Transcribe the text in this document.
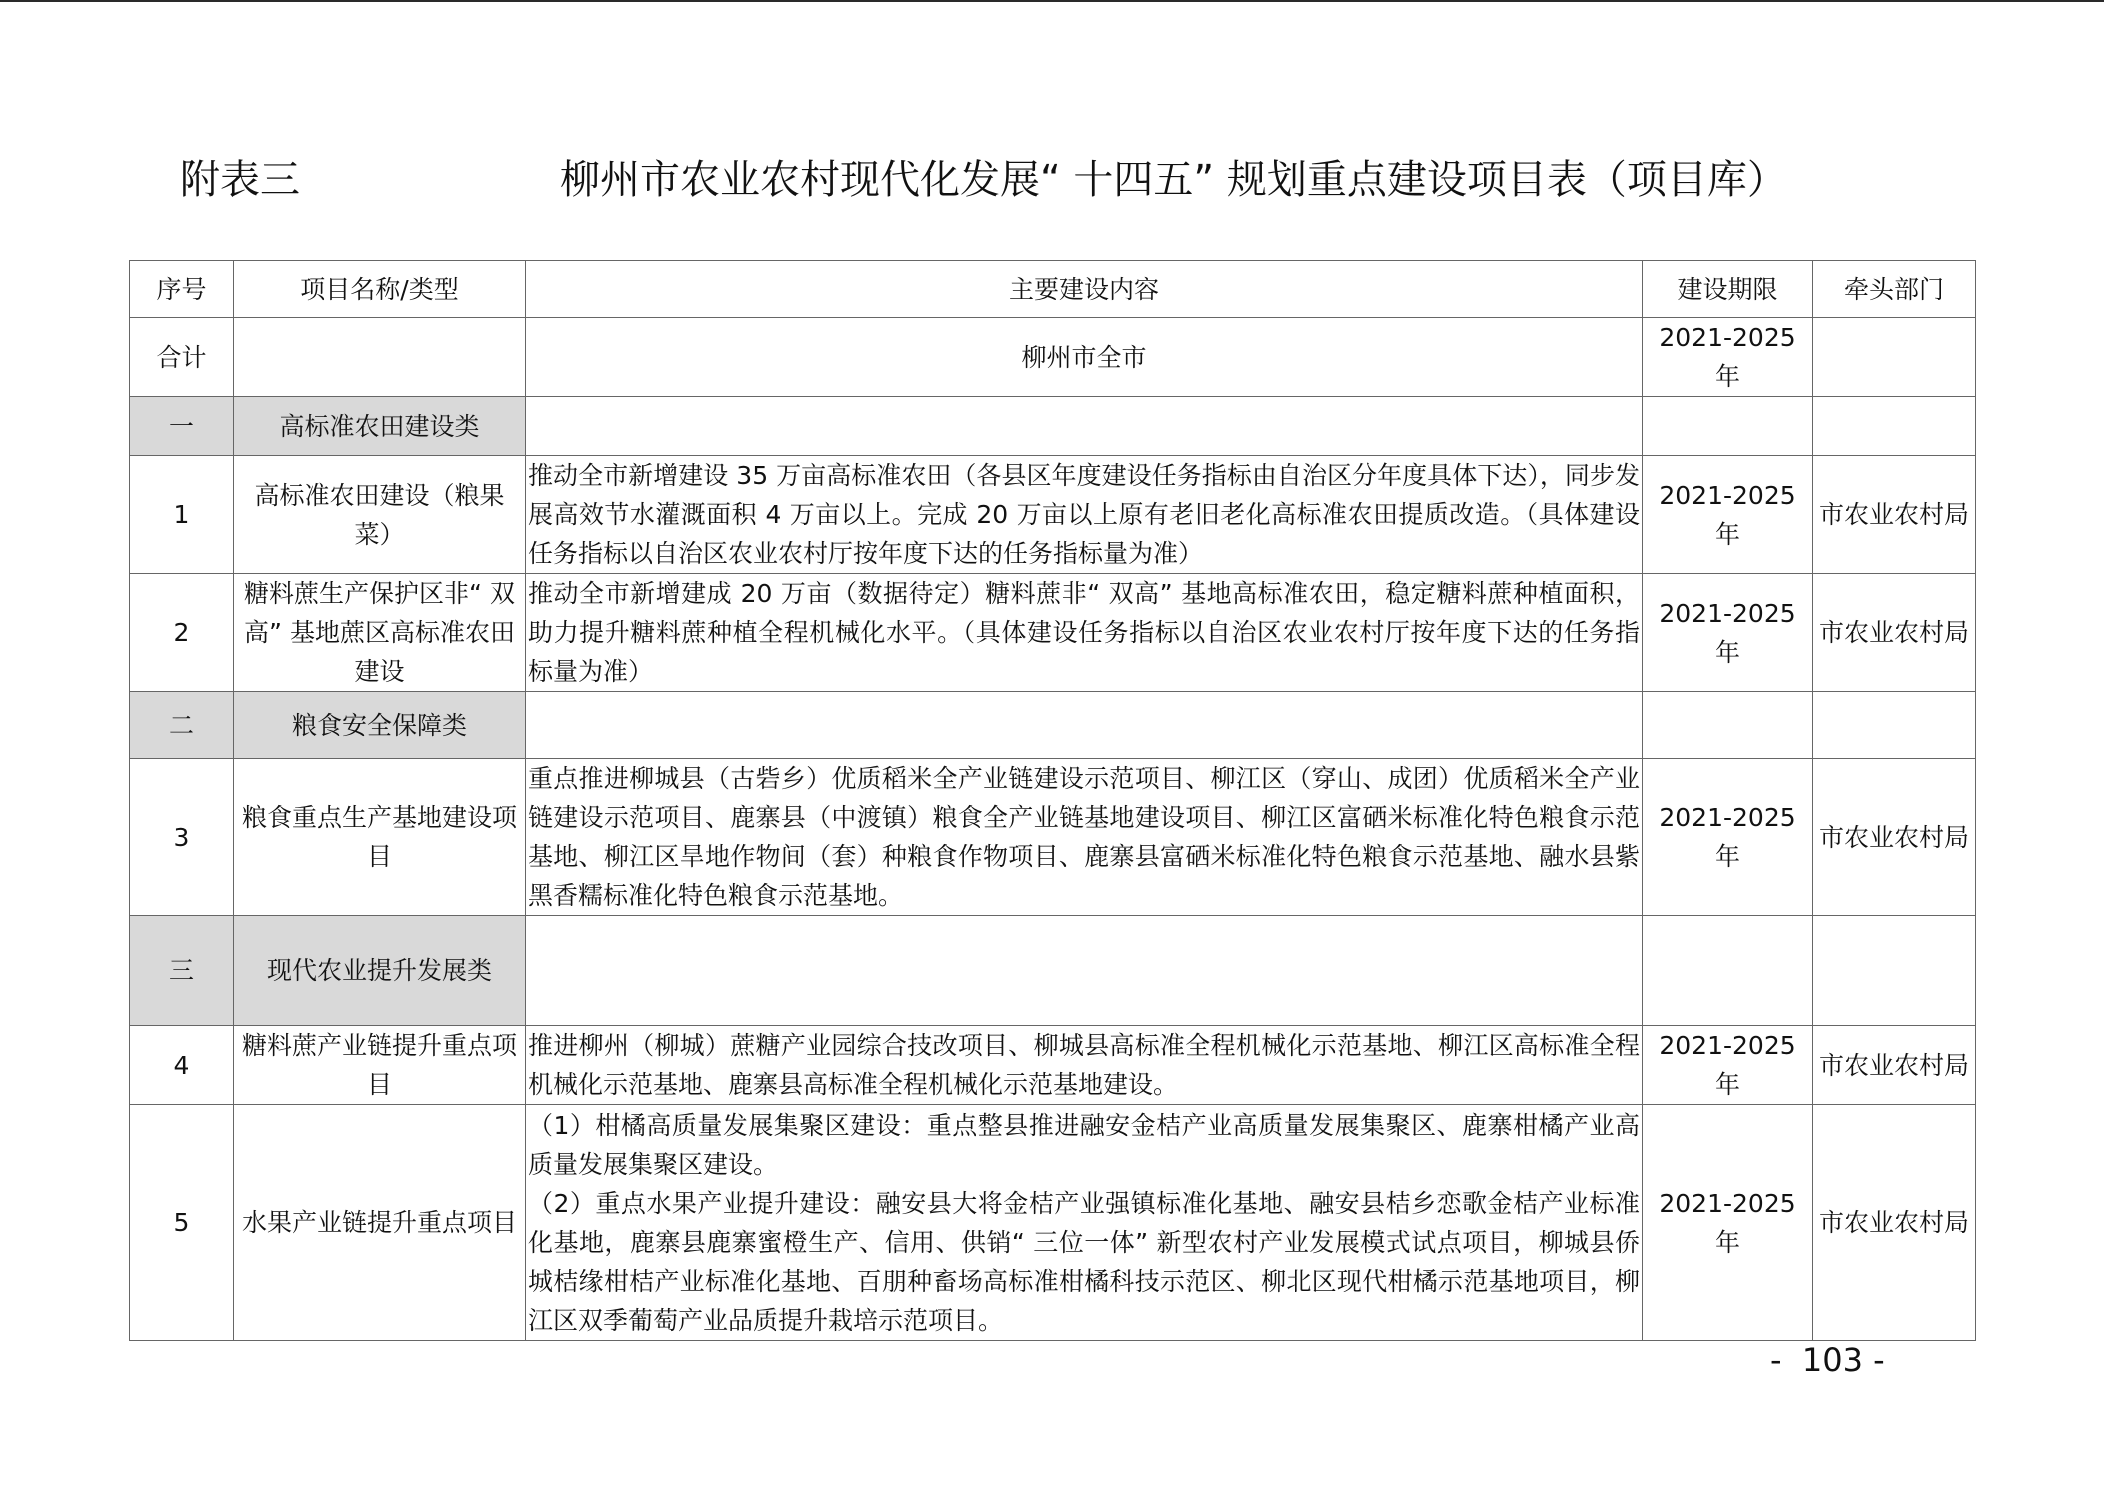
附表三	柳州市农业农村现代化发展“ 十四五” 规划重点建设项目表（项目库）
序号	项目名称/类型	主要建设内容	建设期限	牵头部门
合计		柳州市全市	2021-2025 年	
一	高标准农田建设类			
1	高标准农田建设（粮果菜）	推动全市新增建设 35 万亩高标准农田（各县区年度建设任务指标由自治区分年度具体下达），同步发展高效节水灌溉面积 4 万亩以上。完成 20 万亩以上原有老旧老化高标准农田提质改造。（具体建设任务指标以自治区农业农村厅按年度下达的任务指标量为准）	2021-2025 年	市农业农村局
2	糖料蔗生产保护区非“ 双高” 基地蔗区高标准农田建设	推动全市新增建成 20 万亩（数据待定）糖料蔗非“ 双高” 基地高标准农田，稳定糖料蔗种植面积，助力提升糖料蔗种植全程机械化水平。（具体建设任务指标以自治区农业农村厅按年度下达的任务指标量为准）	2021-2025 年	市农业农村局
二	粮食安全保障类			
3	粮食重点生产基地建设项目	重点推进柳城县（古砦乡）优质稻米全产业链建设示范项目、柳江区（穿山、成团）优质稻米全产业链建设示范项目、鹿寨县（中渡镇）粮食全产业链基地建设项目、柳江区富硒米标准化特色粮食示范基地、柳江区旱地作物间（套）种粮食作物项目、鹿寨县富硒米标准化特色粮食示范基地、融水县紫黑香糯标准化特色粮食示范基地。	2021-2025 年	市农业农村局
三	现代农业提升发展类			
4	糖料蔗产业链提升重点项目	推进柳州（柳城）蔗糖产业园综合技改项目、柳城县高标准全程机械化示范基地、柳江区高标准全程机械化示范基地、鹿寨县高标准全程机械化示范基地建设。	2021-2025 年	市农业农村局
5	水果产业链提升重点项目	（1）柑橘高质量发展集聚区建设：重点整县推进融安金桔产业高质量发展集聚区、鹿寨柑橘产业高质量发展集聚区建设。
（2）重点水果产业提升建设：融安县大将金桔产业强镇标准化基地、融安县桔乡恋歌金桔产业标准化基地，鹿寨县鹿寨蜜橙生产、信用、供销“ 三位一体” 新型农村产业发展模式试点项目，柳城县侨城桔缘柑桔产业标准化基地、百朋种畜场高标准柑橘科技示范区、柳北区现代柑橘示范基地项目，柳江区双季葡萄产业品质提升栽培示范项目。	2021-2025 年	市农业农村局
-  103 -
